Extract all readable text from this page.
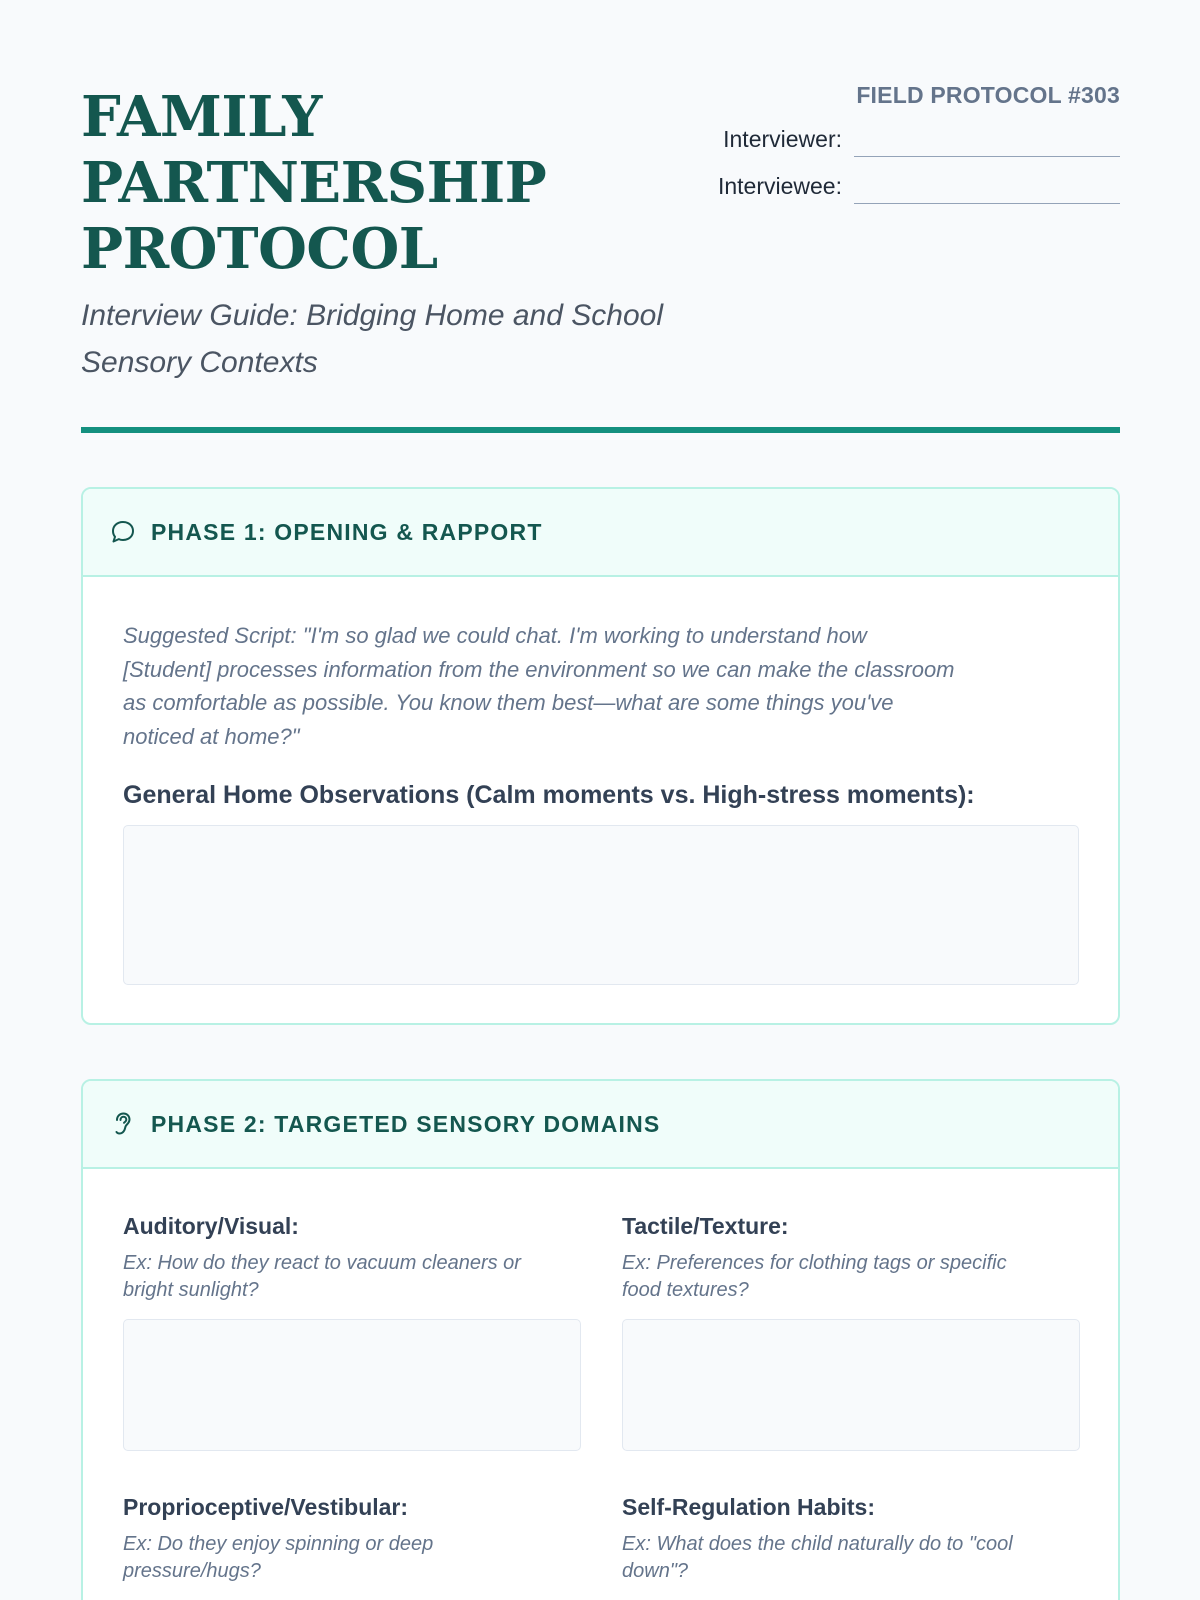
FAMILY
PARTNERSHIP
PROTOCOL
Interview Guide: Bridging Home and School
Sensory Contexts
FIELD PROTOCOL #303
Interviewer:
Interviewee:
PHASE 1: OPENING & RAPPORT

Suggested Script: "I'm so glad we could chat. I'm working to understand how
[Student] processes information from the environment so we can make the classroom
as comfortable as possible. You know them best—what are some things you've
noticed at home?"

General Home Observations (Calm moments vs. High-stress moments):
PHASE 2: TARGETED SENSORY DOMAINS
Auditory/Visual:
Ex: How do they react to vacuum cleaners or
bright sunlight?
Tactile/Texture:
Ex: Preferences for clothing tags or specific
food textures?
Proprioceptive/Vestibular:
Ex: Do they enjoy spinning or deep
pressure/hugs?
Self-Regulation Habits:
Ex: What does the child naturally do to "cool
down"?
